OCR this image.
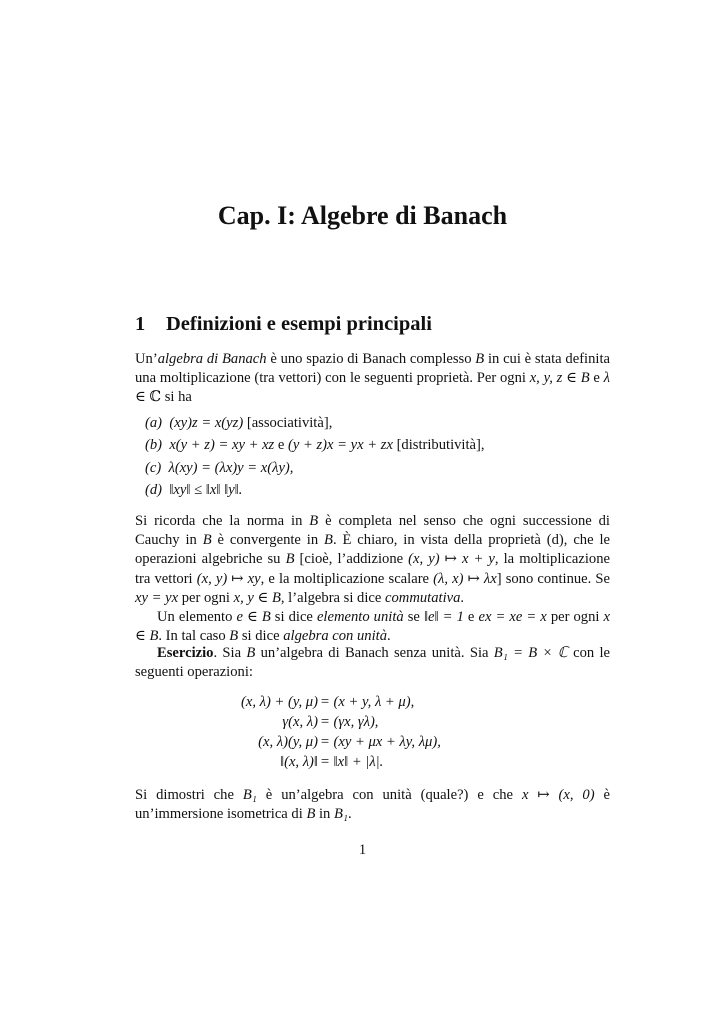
Cap. I: Algebre di Banach
1 Definizioni e esempi principali

Un’algebra di Banach è uno spazio di Banach complesso B in cui è stata definita una moltiplicazione (tra vettori) con le seguenti proprietà. Per ogni x, y, z ∈ B e λ ∈ ℂ si ha

(a) (xy)z = x(yz) [associatività],
(b) x(y + z) = xy + xz e (y + z)x = yx + zx [distributività],
(c) λ(xy) = (λx)y = x(λy),
(d) ‖xy‖ ≤ ‖x‖ ‖y‖.

Si ricorda che la norma in B è completa nel senso che ogni successione di Cauchy in B è convergente in B. È chiaro, in vista della proprietà (d), che le operazioni algebriche su B [cioè, l’addizione (x, y) ↦ x + y, la moltiplicazione tra vettori (x, y) ↦ xy, e la moltiplicazione scalare (λ, x) ↦ λx] sono continue. Se xy = yx per ogni x, y ∈ B, l’algebra si dice commutativa.

Un elemento e ∈ B si dice elemento unità se ‖e‖ = 1 e ex = xe = x per ogni x ∈ B. In tal caso B si dice algebra con unità.

Esercizio. Sia B un’algebra di Banach senza unità. Sia B₁ = B × ℂ con le seguenti operazioni:

(x, λ) + (y, μ) = (x + y, λ + μ),
γ(x, λ) = (γx, γλ),
(x, λ)(y, μ) = (xy + μx + λy, λμ),
‖(x, λ)‖ = ‖x‖ + |λ|.

Si dimostri che B₁ è un’algebra con unità (quale?) e che x ↦ (x, 0) è un’immersione isometrica di B in B₁.

1
